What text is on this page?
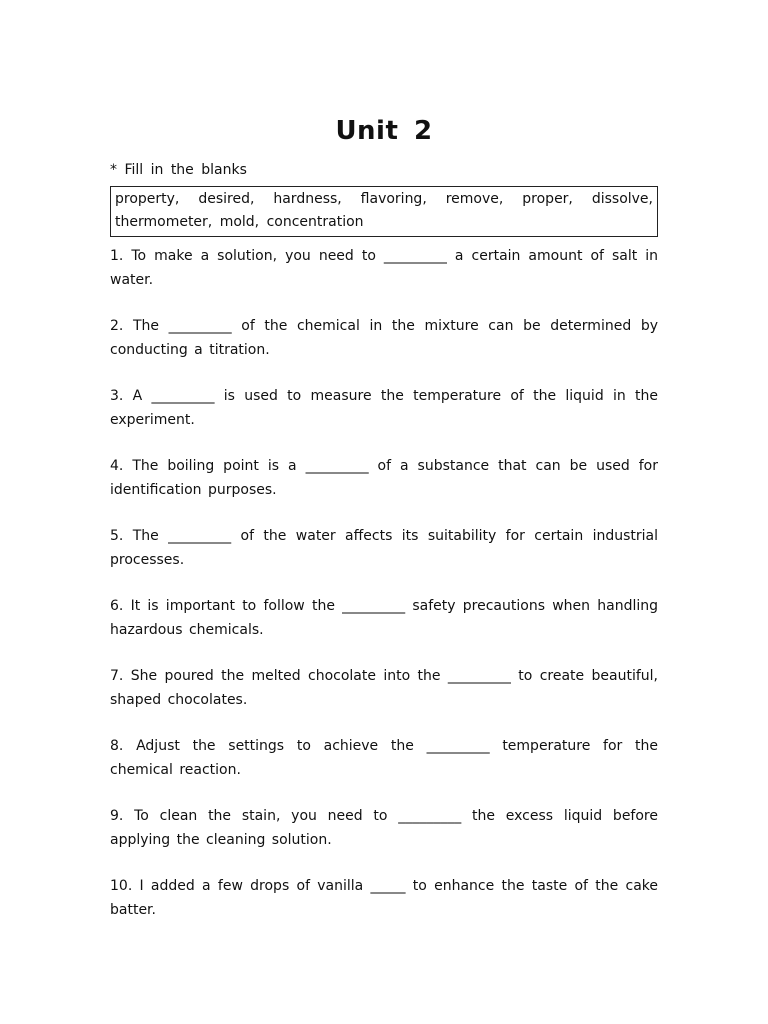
Unit 2
* Fill in the blanks
property, desired, hardness, flavoring, remove, proper, dissolve, thermometer, mold, concentration
1. To make a solution, you need to _________ a certain amount of salt in water.
2. The _________ of the chemical in the mixture can be determined by conducting a titration.
3. A _________ is used to measure the temperature of the liquid in the experiment.
4. The boiling point is a _________ of a substance that can be used for identification purposes.
5. The _________ of the water affects its suitability for certain industrial processes.
6. It is important to follow the _________ safety precautions when handling hazardous chemicals.
7. She poured the melted chocolate into the _________ to create beautiful, shaped chocolates.
8. Adjust the settings to achieve the _________ temperature for the chemical reaction.
9. To clean the stain, you need to _________ the excess liquid before applying the cleaning solution.
10. I added a few drops of vanilla _____ to enhance the taste of the cake batter.
